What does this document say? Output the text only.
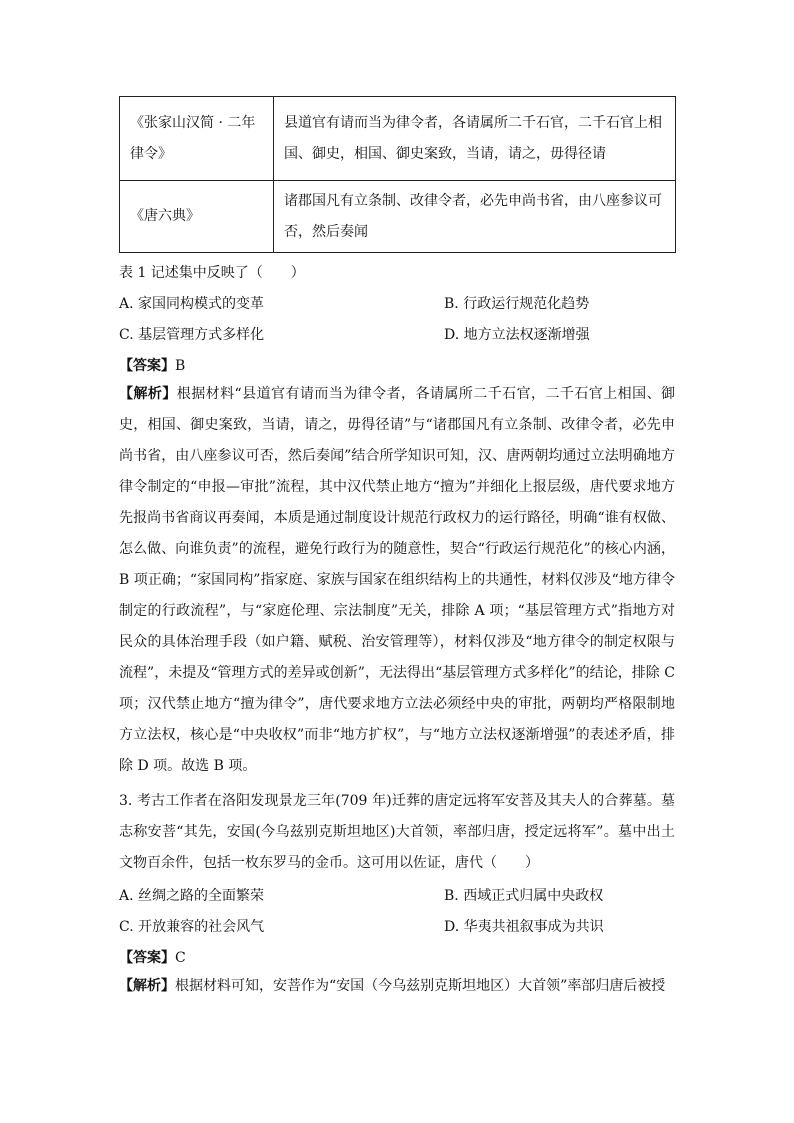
《张家山汉简 · 二年律令》	县道官有请而当为律令者，各请属所二千石官，二千石官上相国、御史，相国、御史案致，当请，请之，毋得径请
《唐六典》	诸郡国凡有立条制、改律令者，必先申尚书省，由八座参议可否，然后奏闻
表 1 记述集中反映了（　　）
A. 家国同构模式的变革	B. 行政运行规范化趋势
C. 基层管理方式多样化	D. 地方立法权逐渐增强
【答案】B
【解析】根据材料“县道官有请而当为律令者，各请属所二千石官，二千石官上相国、御史，相国、御史案致，当请，请之，毋得径请”与“诸郡国凡有立条制、改律令者，必先申尚书省，由八座参议可否，然后奏闻”结合所学知识可知，汉、唐两朝均通过立法明确地方律令制定的“申报—审批”流程，其中汉代禁止地方“擅为”并细化上报层级，唐代要求地方先报尚书省商议再奏闻，本质是通过制度设计规范行政权力的运行路径，明确“谁有权做、怎么做、向谁负责”的流程，避免行政行为的随意性，契合“行政运行规范化”的核心内涵，B 项正确；“家国同构”指家庭、家族与国家在组织结构上的共通性，材料仅涉及“地方律令制定的行政流程”，与“家庭伦理、宗法制度”无关，排除 A 项；“基层管理方式”指地方对民众的具体治理手段（如户籍、赋税、治安管理等），材料仅涉及“地方律令的制定权限与流程”，未提及“管理方式的差异或创新”，无法得出“基层管理方式多样化”的结论，排除 C 项；汉代禁止地方“擅为律令”，唐代要求地方立法必须经中央的审批，两朝均严格限制地方立法权，核心是“中央收权”而非“地方扩权”，与“地方立法权逐渐增强”的表述矛盾，排除 D 项。故选 B 项。
3. 考古工作者在洛阳发现景龙三年(709 年)迁葬的唐定远将军安菩及其夫人的合葬墓。墓志称安菩“其先，安国(今乌兹别克斯坦地区)大首领，率部归唐，授定远将军”。墓中出土文物百余件，包括一枚东罗马的金币。这可用以佐证，唐代（　　）
A. 丝绸之路的全面繁荣	B. 西域正式归属中央政权
C. 开放兼容的社会风气	D. 华夷共祖叙事成为共识
【答案】C
【解析】根据材料可知，安菩作为“安国（今乌兹别克斯坦地区）大首领”率部归唐后被授
